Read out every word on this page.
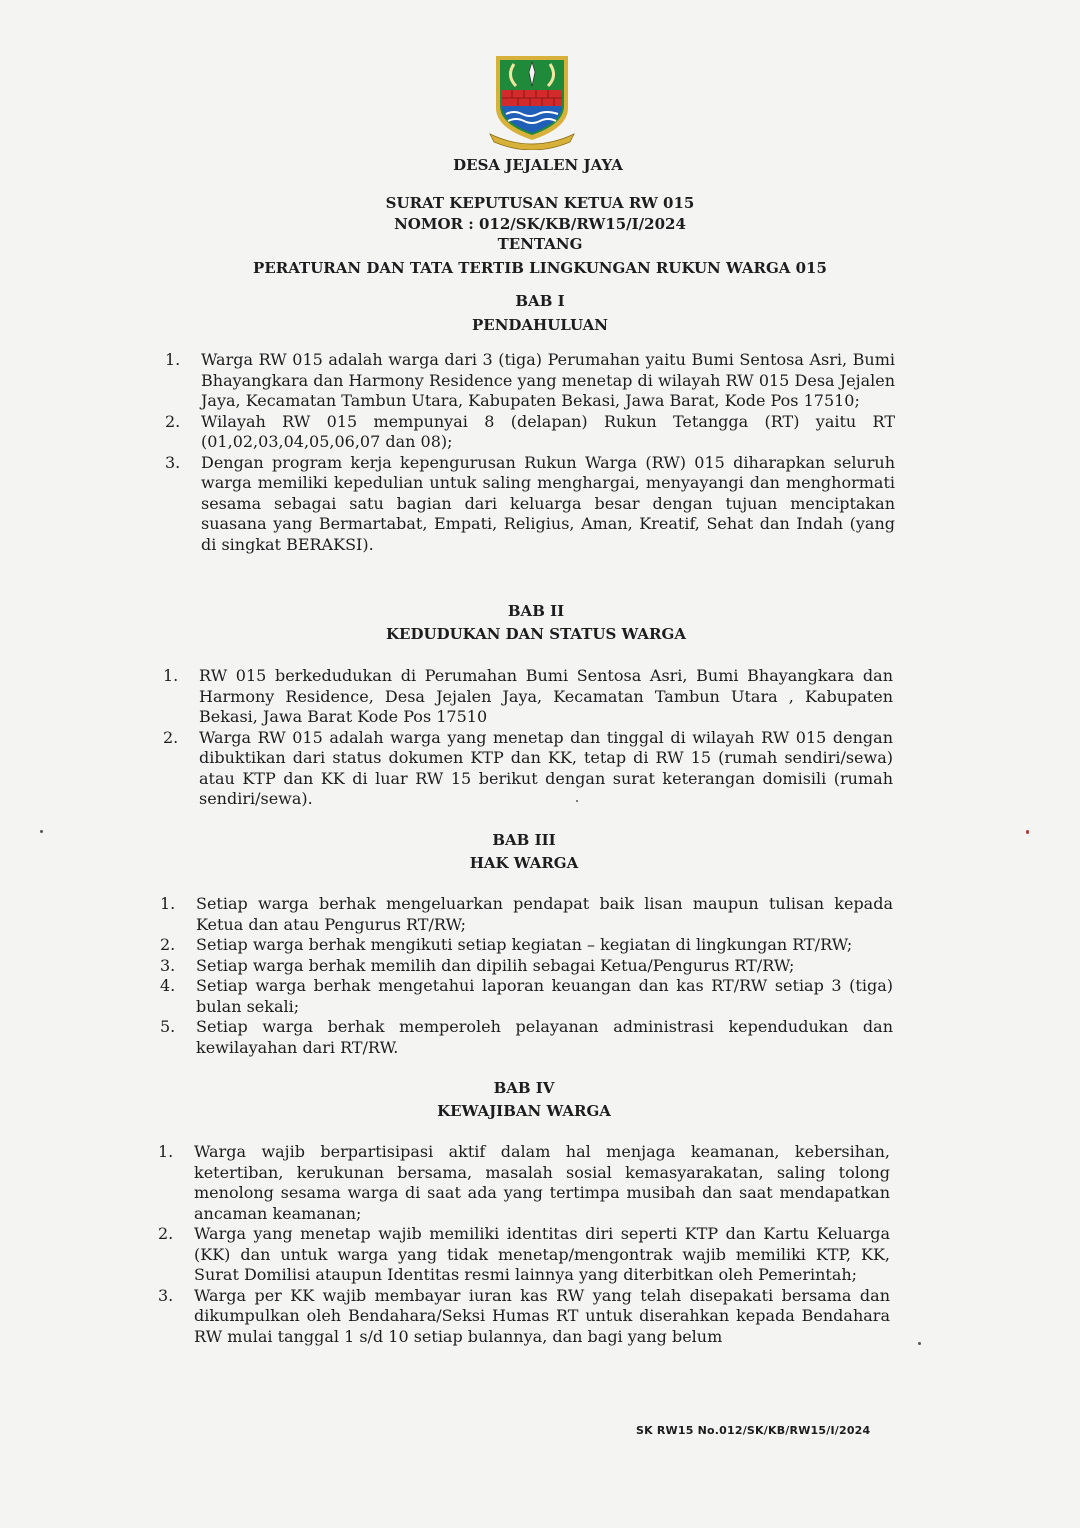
DESA JEJALEN JAYA
SURAT KEPUTUSAN KETUA RW 015
NOMOR : 012/SK/KB/RW15/I/2024
TENTANG
PERATURAN DAN TATA TERTIB LINGKUNGAN RUKUN WARGA 015
BAB I
PENDAHULUAN
1. Warga RW 015 adalah warga dari 3 (tiga) Perumahan yaitu Bumi Sentosa Asri, Bumi Bhayangkara dan Harmony Residence yang menetap di wilayah RW 015 Desa Jejalen Jaya, Kecamatan Tambun Utara, Kabupaten Bekasi, Jawa Barat, Kode Pos 17510;
2. Wilayah RW 015 mempunyai 8 (delapan) Rukun Tetangga (RT) yaitu RT (01,02,03,04,05,06,07 dan 08);
3. Dengan program kerja kepengurusan Rukun Warga (RW) 015 diharapkan seluruh warga memiliki kepedulian untuk saling menghargai, menyayangi dan menghormati sesama sebagai satu bagian dari keluarga besar dengan tujuan menciptakan suasana yang Bermartabat, Empati, Religius, Aman, Kreatif, Sehat dan Indah (yang di singkat BERAKSI).
BAB II
KEDUDUKAN DAN STATUS WARGA
1. RW 015 berkedudukan di Perumahan Bumi Sentosa Asri, Bumi Bhayangkara dan Harmony Residence, Desa Jejalen Jaya, Kecamatan Tambun Utara , Kabupaten Bekasi, Jawa Barat Kode Pos 17510
2. Warga RW 015 adalah warga yang menetap dan tinggal di wilayah RW 015 dengan dibuktikan dari status dokumen KTP dan KK, tetap di RW 15 (rumah sendiri/sewa) atau KTP dan KK di luar RW 15 berikut dengan surat keterangan domisili (rumah sendiri/sewa).
BAB III
HAK WARGA
1. Setiap warga berhak mengeluarkan pendapat baik lisan maupun tulisan kepada Ketua dan atau Pengurus RT/RW;
2. Setiap warga berhak mengikuti setiap kegiatan – kegiatan di lingkungan RT/RW;
3. Setiap warga berhak memilih dan dipilih sebagai Ketua/Pengurus RT/RW;
4. Setiap warga berhak mengetahui laporan keuangan dan kas RT/RW setiap 3 (tiga) bulan sekali;
5. Setiap warga berhak memperoleh pelayanan administrasi kependudukan dan kewilayahan dari RT/RW.
BAB IV
KEWAJIBAN WARGA
1. Warga wajib berpartisipasi aktif dalam hal menjaga keamanan, kebersihan, ketertiban, kerukunan bersama, masalah sosial kemasyarakatan, saling tolong menolong sesama warga di saat ada yang tertimpa musibah dan saat mendapatkan ancaman keamanan;
2. Warga yang menetap wajib memiliki identitas diri seperti KTP dan Kartu Keluarga (KK) dan untuk warga yang tidak menetap/mengontrak wajib memiliki KTP, KK, Surat Domilisi ataupun Identitas resmi lainnya yang diterbitkan oleh Pemerintah;
3. Warga per KK wajib membayar iuran kas RW yang telah disepakati bersama dan dikumpulkan oleh Bendahara/Seksi Humas RT untuk diserahkan kepada Bendahara RW mulai tanggal 1 s/d 10 setiap bulannya, dan bagi yang belum
SK RW15 No.012/SK/KB/RW15/I/2024
